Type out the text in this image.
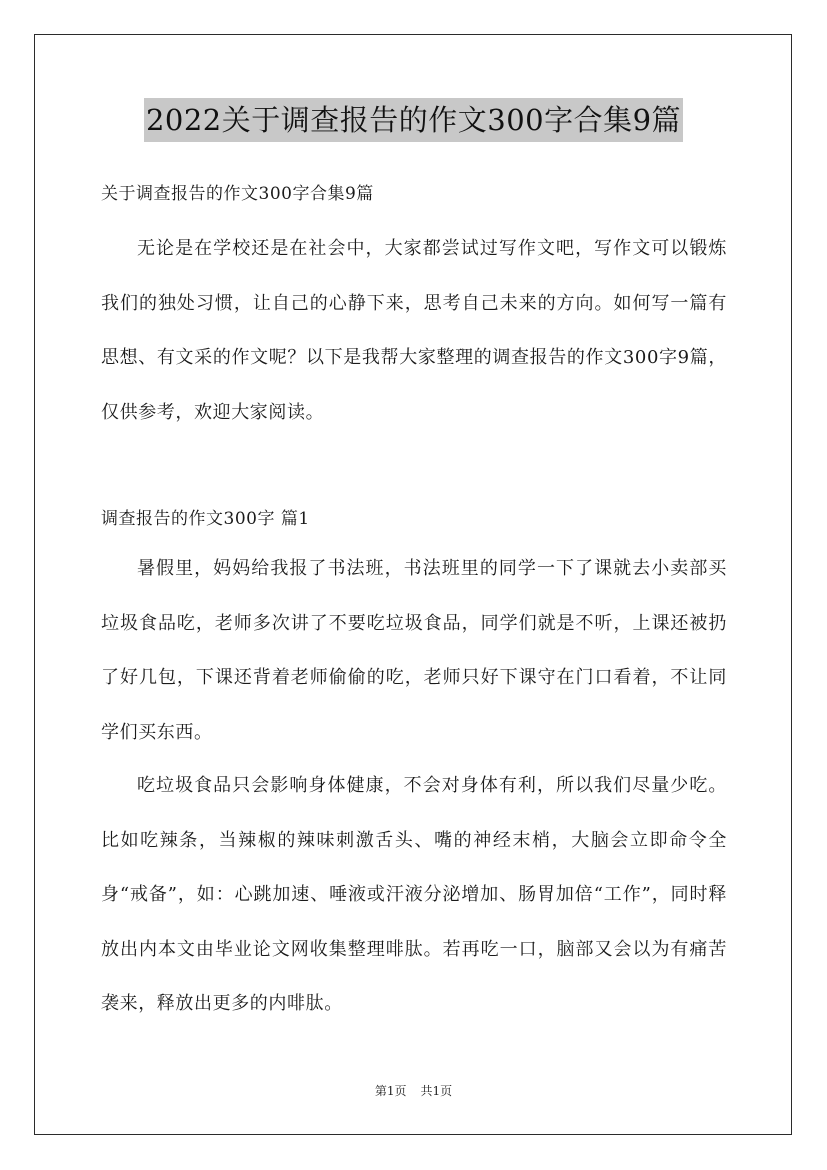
2022关于调查报告的作文300字合集9篇
关于调查报告的作文300字合集9篇

无论是在学校还是在社会中，大家都尝试过写作文吧，写作文可以锻炼我们的独处习惯，让自己的心静下来，思考自己未来的方向。如何写一篇有思想、有文采的作文呢？以下是我帮大家整理的调查报告的作文300字9篇，仅供参考，欢迎大家阅读。

调查报告的作文300字 篇1

暑假里，妈妈给我报了书法班，书法班里的同学一下了课就去小卖部买垃圾食品吃，老师多次讲了不要吃垃圾食品，同学们就是不听，上课还被扔了好几包，下课还背着老师偷偷的吃，老师只好下课守在门口看着，不让同学们买东西。

吃垃圾食品只会影响身体健康，不会对身体有利，所以我们尽量少吃。比如吃辣条，当辣椒的辣味刺激舌头、嘴的神经末梢，大脑会立即命令全身“戒备”，如：心跳加速、唾液或汗液分泌增加、肠胃加倍“工作”，同时释放出内本文由毕业论文网收集整理啡肽。若再吃一口，脑部又会以为有痛苦袭来，释放出更多的内啡肽。

第1页 共1页
